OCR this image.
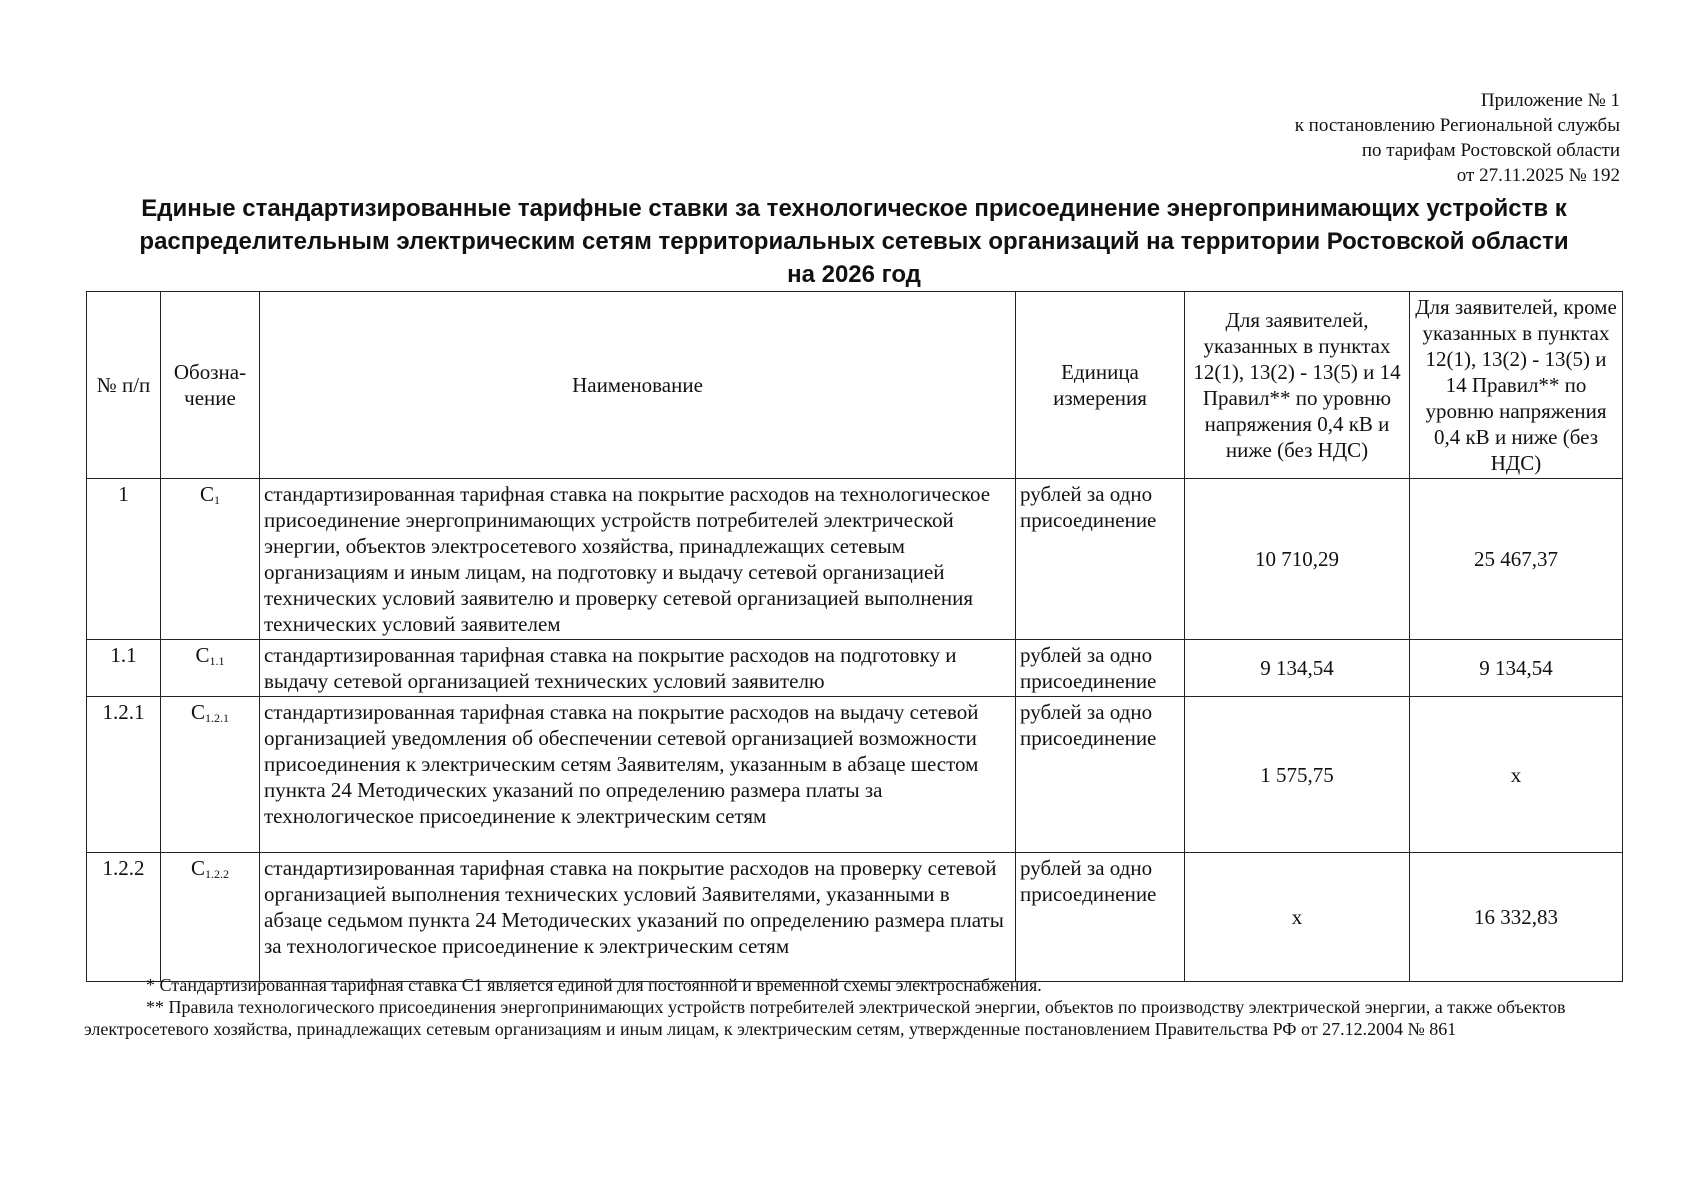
Приложение № 1
к постановлению Региональной службы
по тарифам Ростовской области
от 27.11.2025 № 192
Единые стандартизированные тарифные ставки за технологическое присоединение энергопринимающих устройств к
распределительным электрическим сетям территориальных сетевых организаций на территории Ростовской области
на 2026 год
№ п/п	Обозна-чение	Наименование	Единица измерения	Для заявителей, указанных в пунктах 12(1), 13(2) - 13(5) и 14 Правил** по уровню напряжения 0,4 кВ и ниже (без НДС)	Для заявителей, кроме указанных в пунктах 12(1), 13(2) - 13(5) и 14 Правил** по уровню напряжения 0,4 кВ и ниже (без НДС)
1	$С_1$	стандартизированная тарифная ставка на покрытие расходов на технологическое присоединение энергопринимающих устройств потребителей электрической энергии, объектов электросетевого хозяйства, принадлежащих сетевым организациям и иным лицам, на подготовку и выдачу сетевой организацией технических условий заявителю и проверку сетевой организацией выполнения технических условий заявителем	рублей за одно присоединение	10 710,29	25 467,37
1.1	$С_{1.1}$	стандартизированная тарифная ставка на покрытие расходов на подготовку и выдачу сетевой организацией технических условий заявителю	рублей за одно присоединение	9 134,54	9 134,54
1.2.1	$С_{1.2.1}$	стандартизированная тарифная ставка на покрытие расходов на выдачу сетевой организацией уведомления об обеспечении сетевой организацией возможности присоединения к электрическим сетям Заявителям, указанным в абзаце шестом пункта 24 Методических указаний по определению размера платы за технологическое присоединение к электрическим сетям	рублей за одно присоединение	1 575,75	х
1.2.2	$С_{1.2.2}$	стандартизированная тарифная ставка на покрытие расходов на проверку сетевой организацией выполнения технических условий Заявителями, указанными в абзаце седьмом пункта 24 Методических указаний по определению размера платы за технологическое присоединение к электрическим сетям	рублей за одно присоединение	х	16 332,83

* Стандартизированная тарифная ставка С1 является единой для постоянной и временной схемы электроснабжения.

** Правила технологического присоединения энергопринимающих устройств потребителей электрической энергии, объектов по производству электрической энергии, а также объектов электросетевого хозяйства, принадлежащих сетевым организациям и иным лицам, к электрическим сетям, утвержденные постановлением Правительства РФ от 27.12.2004 № 861
